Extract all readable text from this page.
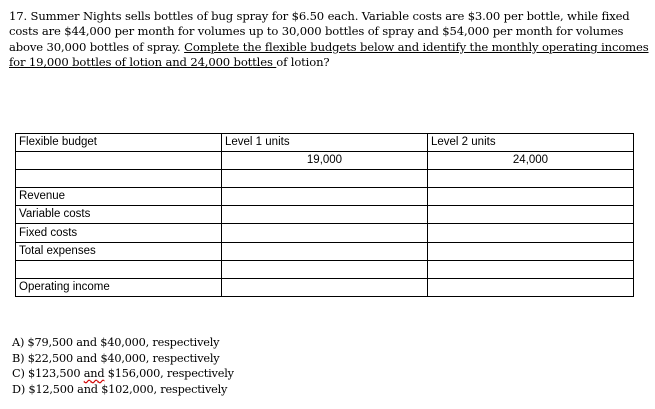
17. Summer Nights sells bottles of bug spray for $6.50 each. Variable costs are $3.00 per bottle, while fixed costs are $44,000 per month for volumes up to 30,000 bottles of spray and $54,000 per month for volumes above 30,000 bottles of spray. Complete the flexible budgets below and identify the monthly operating incomes for 19,000 bottles of lotion and 24,000 bottles of lotion?
Flexible budget	Level 1 units	Level 2 units
	19,000	24,000

Revenue		
Variable costs		
Fixed costs		
Total expenses		

Operating income		
A) $79,500 and $40,000, respectively
B) $22,500 and $40,000, respectively
C) $123,500 and $156,000, respectively
D) $12,500 and $102,000, respectively
